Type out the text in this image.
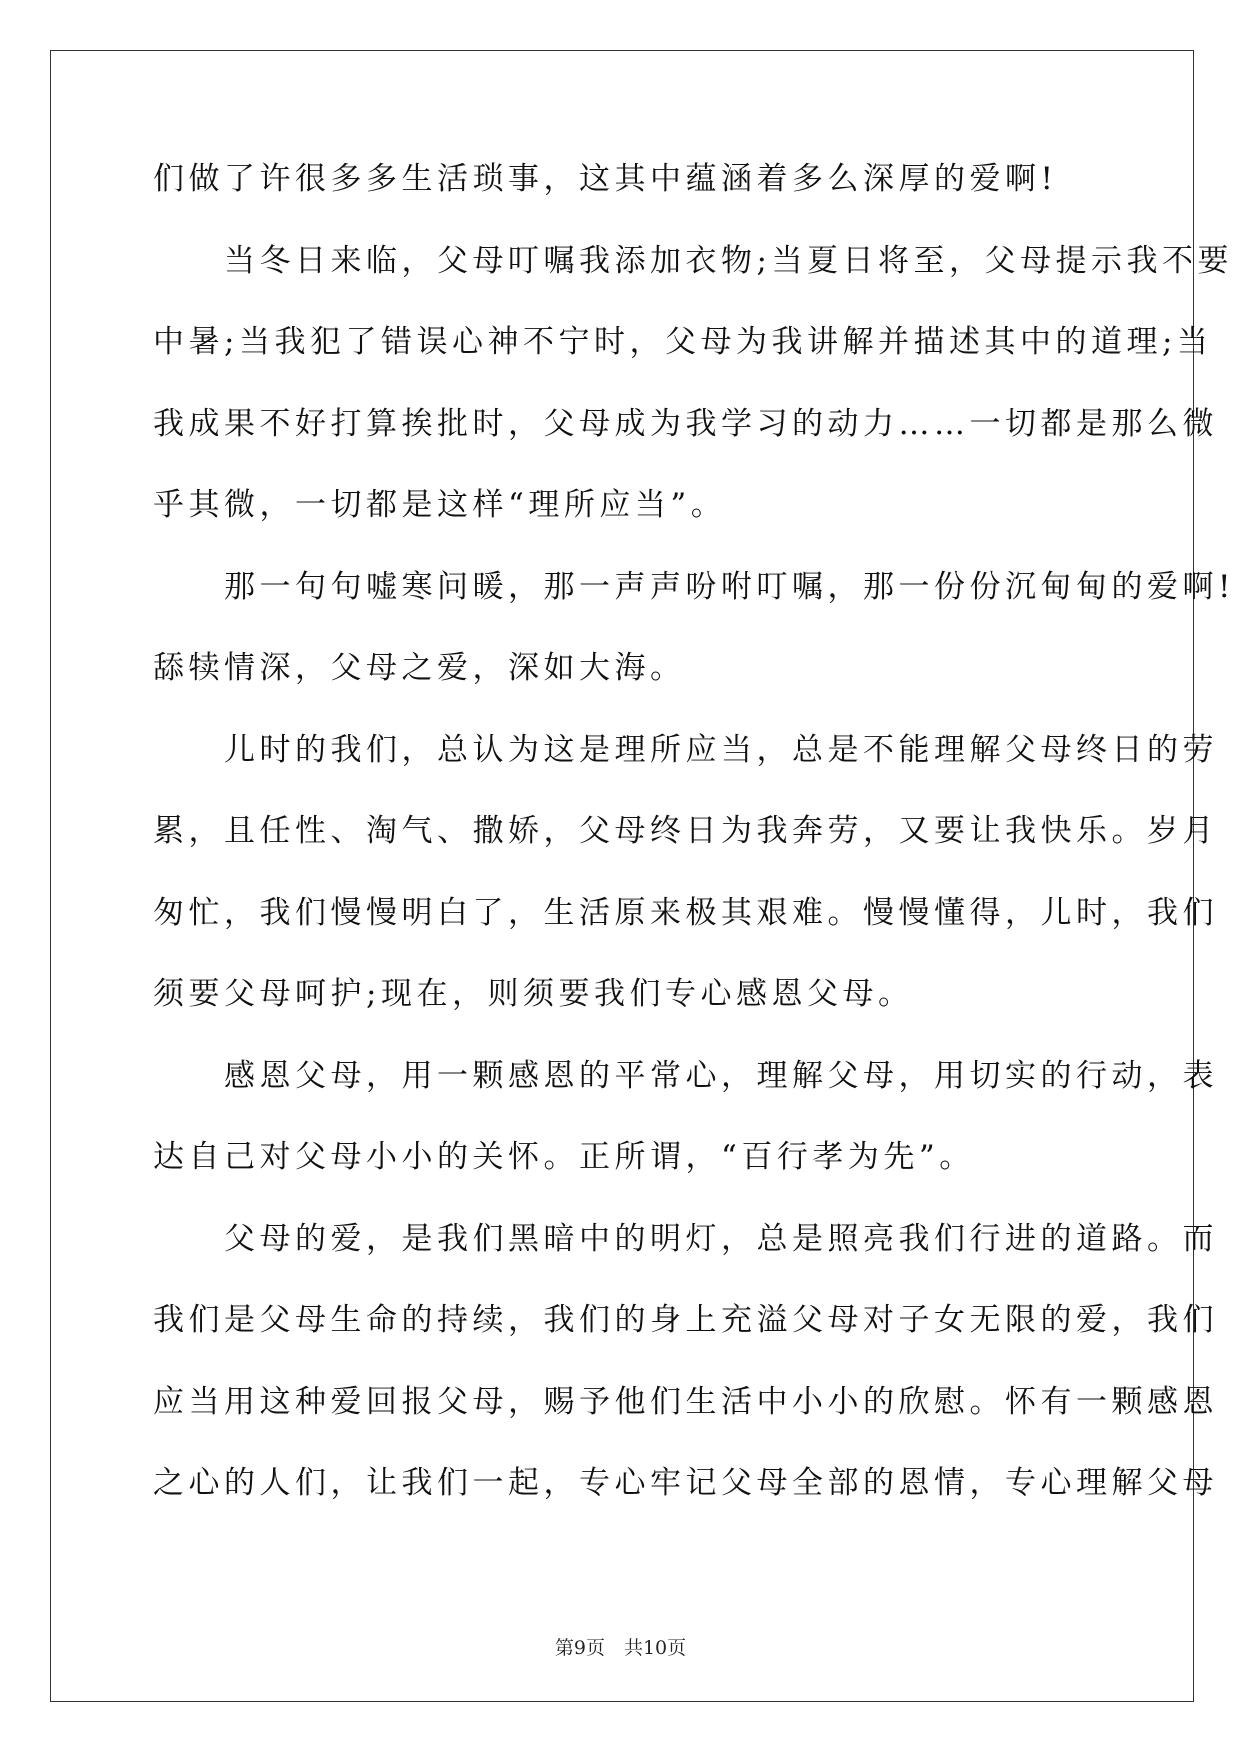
们做了许很多多生活琐事，这其中蕴涵着多么深厚的爱啊!
　　当冬日来临，父母叮嘱我添加衣物;当夏日将至，父母提示我不要
中暑;当我犯了错误心神不宁时，父母为我讲解并描述其中的道理;当
我成果不好打算挨批时，父母成为我学习的动力……一切都是那么微
乎其微，一切都是这样“理所应当”。
　　那一句句嘘寒问暖，那一声声吩咐叮嘱，那一份份沉甸甸的爱啊!
舔犊情深，父母之爱，深如大海。
　　儿时的我们，总认为这是理所应当，总是不能理解父母终日的劳
累，且任性、淘气、撒娇，父母终日为我奔劳，又要让我快乐。岁月
匆忙，我们慢慢明白了，生活原来极其艰难。慢慢懂得，儿时，我们
须要父母呵护;现在，则须要我们专心感恩父母。
　　感恩父母，用一颗感恩的平常心，理解父母，用切实的行动，表
达自己对父母小小的关怀。正所谓，“百行孝为先”。
　　父母的爱，是我们黑暗中的明灯，总是照亮我们行进的道路。而
我们是父母生命的持续，我们的身上充溢父母对子女无限的爱，我们
应当用这种爱回报父母，赐予他们生活中小小的欣慰。怀有一颗感恩
之心的人们，让我们一起，专心牢记父母全部的恩情，专心理解父母
第9页　共10页
